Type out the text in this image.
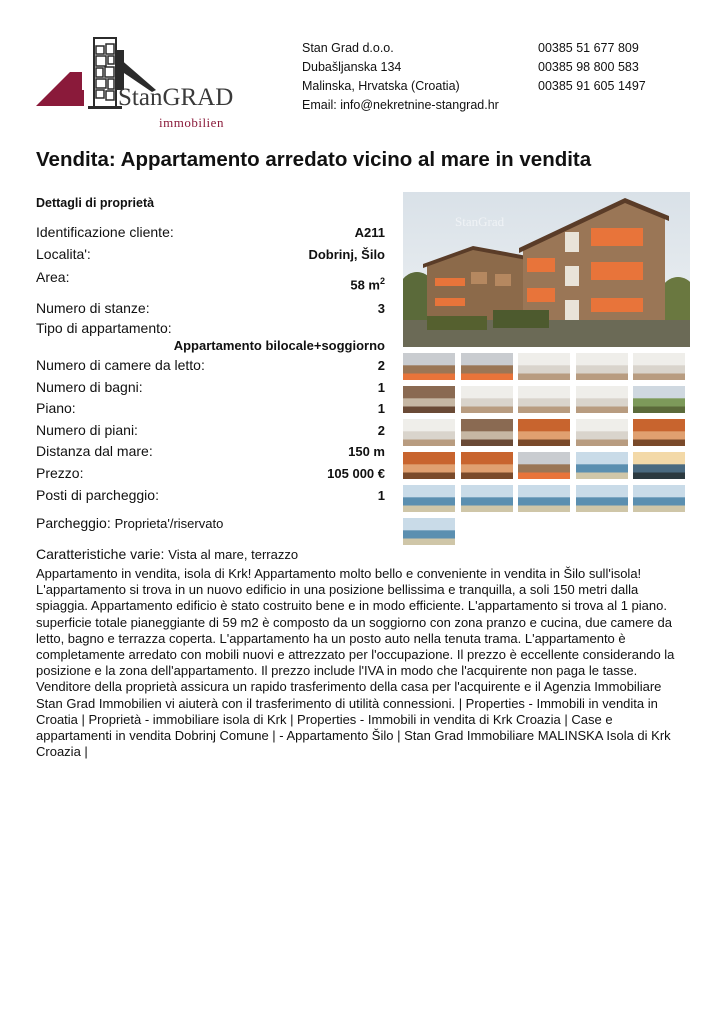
StanGRAD
immobilien
Stan Grad d.o.o.
Dubašljanska 134
Malinska, Hrvatska (Croatia)
Email: info@nekretnine-stangrad.hr
00385 51 677 809
00385 98 800 583
00385 91 605 1497
Vendita: Appartamento arredato vicino al mare in vendita
Dettagli di proprietà
Identificazione cliente:	A211
Localita':	Dobrinj, Šilo
Area:	58 $m^2$
Numero di stanze:	3
Tipo di appartamento:
Appartamento bilocale+soggiorno
Numero di camere da letto:	2
Numero di bagni:	1
Piano:	1
Numero di piani:	2
Distanza dal mare:	150 m
Prezzo:	105 000 €
Posti di parcheggio:	1
Parcheggio: Proprieta'/riservato
Caratteristiche varie: Vista al mare, terrazzo
StanGrad
Appartamento in vendita, isola di Krk! Appartamento molto bello e conveniente in vendita in Šilo sull'isola! L'appartamento si trova in un nuovo edificio in una posizione bellissima e tranquilla, a soli 150 metri dalla spiaggia. Appartamento edificio è stato costruito bene e in modo efficiente. L'appartamento si trova al 1 piano. superficie totale pianeggiante di 59 m2 è composto da un soggiorno con zona pranzo e cucina, due camere da letto, bagno e terrazza coperta. L'appartamento ha un posto auto nella tenuta trama. L'appartamento è completamente arredato con mobili nuovi e attrezzato per l'occupazione. Il prezzo è eccellente considerando la posizione e la zona dell'appartamento. Il prezzo include l'IVA in modo che l'acquirente non paga le tasse. Venditore della proprietà assicura un rapido trasferimento della casa per l'acquirente e il Agenzia Immobiliare Stan Grad Immobilien vi aiuterà con il trasferimento di utilità connessioni. | Properties - Immobili in vendita in Croatia | Proprietà - immobiliare isola di Krk | Properties - Immobili in vendita di Krk Croazia | Case e appartamenti in vendita Dobrinj Comune | - Appartamento Šilo | Stan Grad Immobiliare MALINSKA Isola di Krk Croazia |
